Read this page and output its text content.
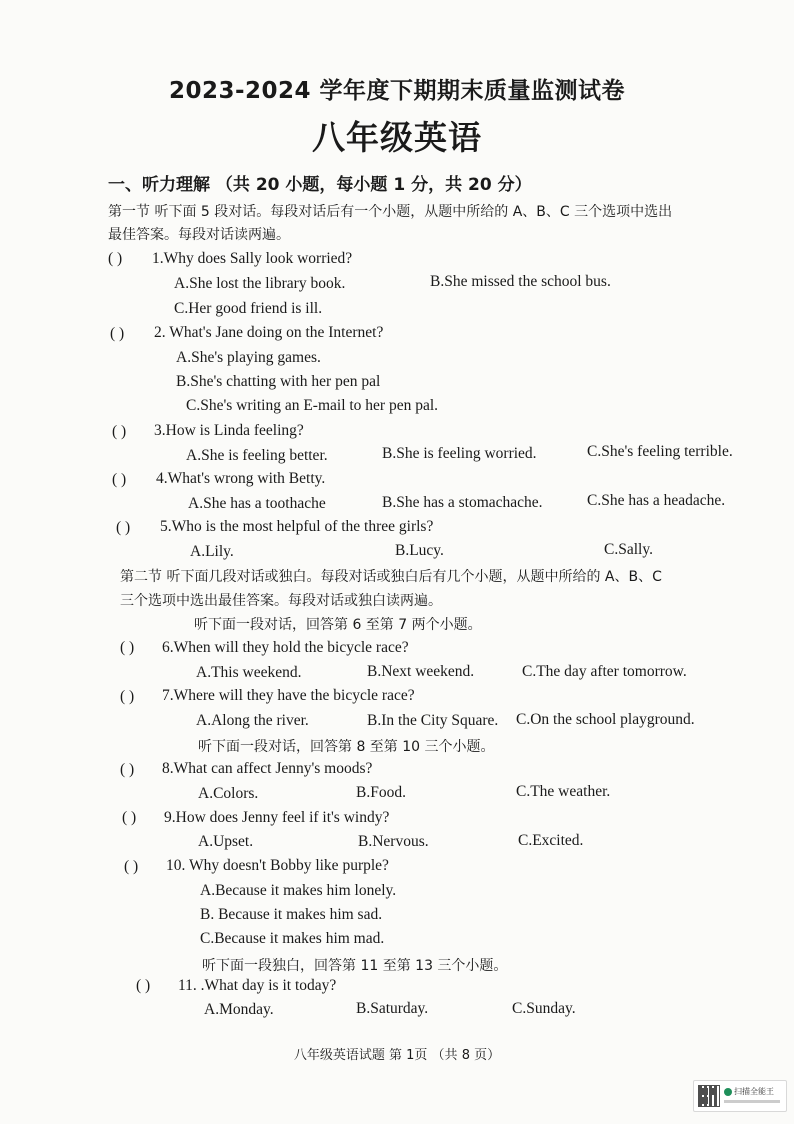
2023-2024 学年度下期期末质量监测试卷
八年级英语
一、听力理解 （共 20 小题，每小题 1 分，共 20 分）
第一节 听下面 5 段对话。每段对话后有一个小题，从题中所给的 A、B、C 三个选项中选出
最佳答案。每段对话读两遍。
( ) 1.Why does Sally look worried?
A.She lost the library book.	B.She missed the school bus.
C.Her good friend is ill.
( ) 2. What's Jane doing on the Internet?
A.She's playing games.
B.She's chatting with her pen pal
C.She's writing an E-mail to her pen pal.
( ) 3.How is Linda feeling?
A.She is feeling better.	B.She is feeling worried.	C.She's feeling terrible.
( ) 4.What's wrong with Betty.
A.She has a toothache	B.She has a stomachache.	C.She has a headache.
( ) 5.Who is the most helpful of the three girls?
A.Lily.	B.Lucy.	C.Sally.
第二节 听下面几段对话或独白。每段对话或独白后有几个小题，从题中所给的 A、B、C
三个选项中选出最佳答案。每段对话或独白读两遍。
听下面一段对话，回答第 6 至第 7 两个小题。
( ) 6.When will they hold the bicycle race?
A.This weekend.	B.Next weekend.	C.The day after tomorrow.
( ) 7.Where will they have the bicycle race?
A.Along the river.	B.In the City Square. C.On the school playground.
听下面一段对话，回答第 8 至第 10 三个小题。
( ) 8.What can affect Jenny's moods?
A.Colors.	B.Food.	C.The weather.
( ) 9.How does Jenny feel if it's windy?
A.Upset.	B.Nervous.	C.Excited.
( ) 10. Why doesn't Bobby like purple?
A.Because it makes him lonely.
B. Because it makes him sad.
C.Because it makes him mad.
听下面一段独白，回答第 11 至第 13 三个小题。
( ) 11. .What day is it today?
A.Monday.	B.Saturday.	C.Sunday.
八年级英语试题 第 1页 （共 8 页）
扫描全能王
